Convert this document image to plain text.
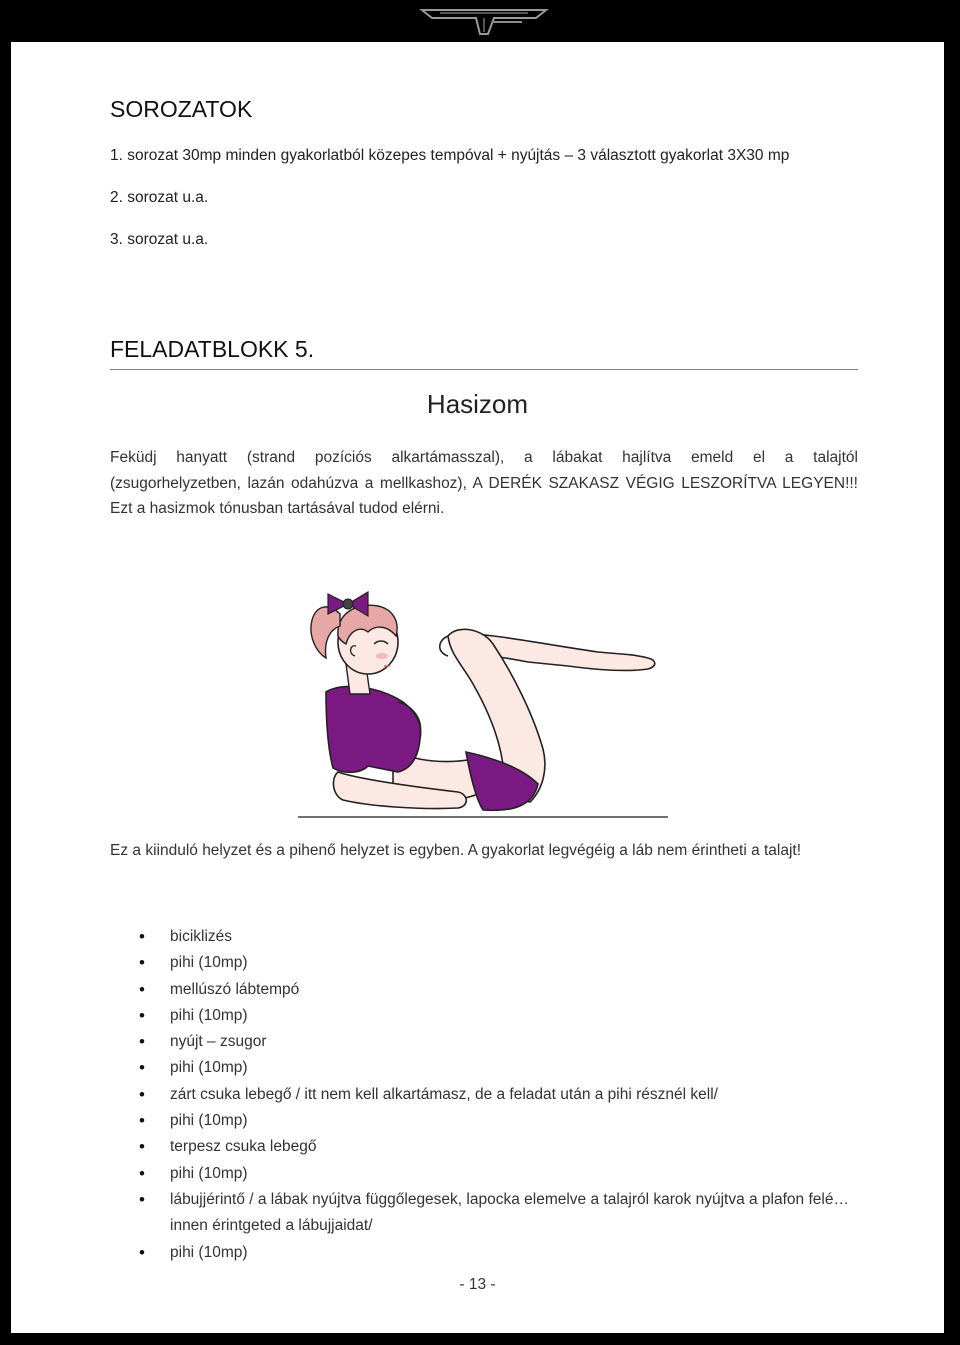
SOROZATOK
1. sorozat 30mp minden gyakorlatból közepes tempóval + nyújtás – 3 választott gyakorlat 3X30 mp
2. sorozat u.a.
3. sorozat u.a.
FELADATBLOKK 5.
Hasizom
Feküdj hanyatt (strand pozíciós alkartámasszal), a lábakat hajlítva emeld el a talajtól
(zsugorhelyzetben, lazán odahúzva a mellkashoz), A DERÉK SZAKASZ VÉGIG LESZORÍTVA LEGYEN!!!
Ezt a hasizmok tónusban tartásával tudod elérni.
Ez a kiinduló helyzet és a pihenő helyzet is egyben. A gyakorlat legvégéig a láb nem érintheti a talajt!
• biciklizés
• pihi (10mp)
• mellúszó lábtempó
• pihi (10mp)
• nyújt – zsugor
• pihi (10mp)
• zárt csuka lebegő / itt nem kell alkartámasz, de a feladat után a pihi résznél kell/
• pihi (10mp)
• terpesz csuka lebegő
• pihi (10mp)
• lábujjérintő / a lábak nyújtva függőlegesek, lapocka elemelve a talajról karok nyújtva a plafon felé… innen érintgeted a lábujjaidat/
• pihi (10mp)
- 13 -
